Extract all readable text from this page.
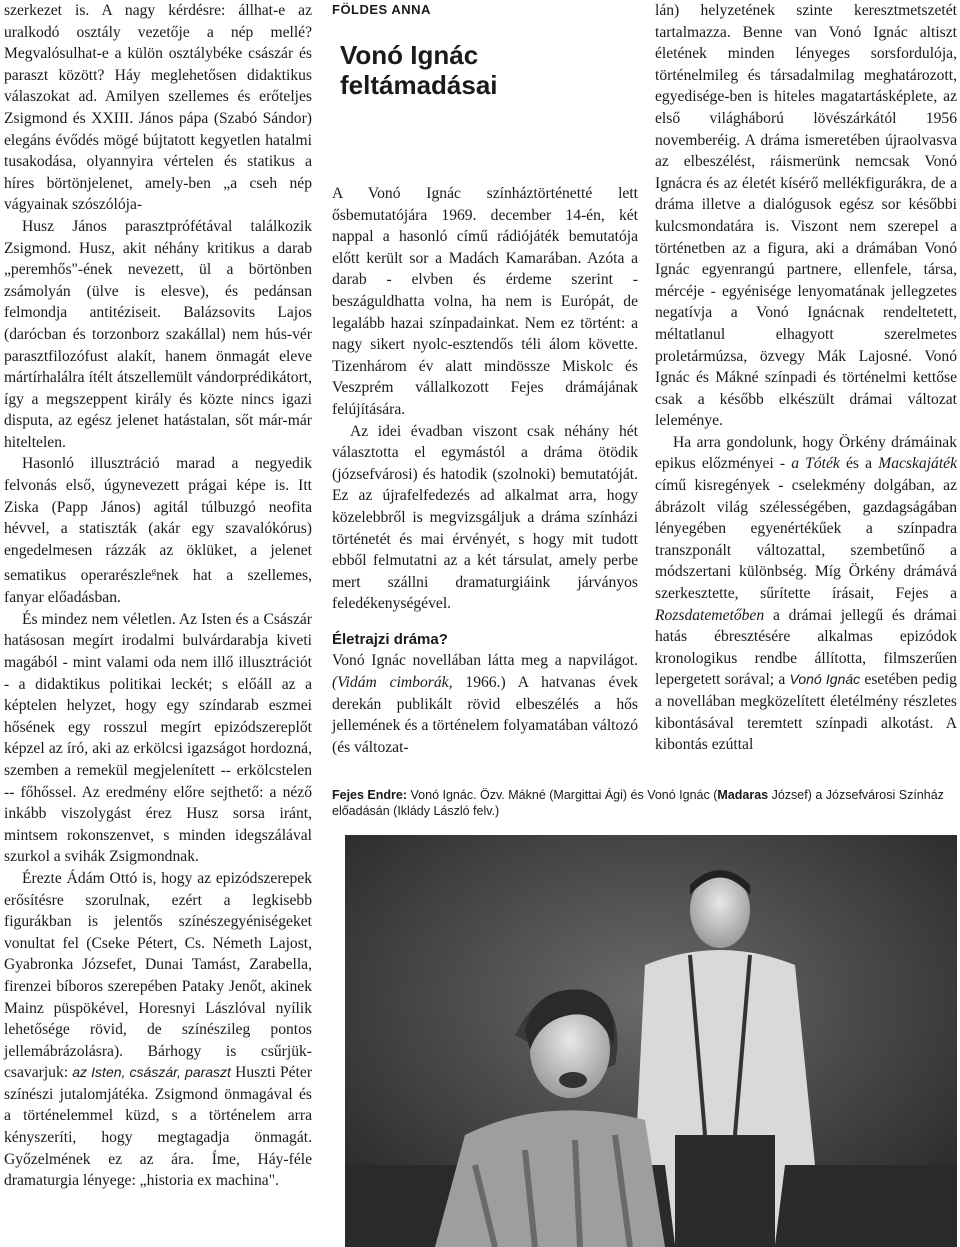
szerkezet is. A nagy kérdésre: állhat-e az uralkodó osztály vezetője a nép mellé? Megvalósulhat-e a külön osztálybéke császár és paraszt között? Háy meglehetősen didaktikus válaszokat ad. Amilyen szellemes és erőteljes Zsigmond és XXIII. János pápa (Szabó Sándor) elegáns évődés mögé bújtatott kegyetlen hatalmi tusakodása, olyannyira vértelen és statikus a híres börtönjelenet, amely-ben „a cseh nép vágyainak szószólója-

Husz János parasztprófétával találkozik Zsigmond. Husz, akit néhány kritikus a darab „peremhős"-ének nevezett, ül a börtönben zsámolyán (ülve is elesve), és pedánsan felmondja antitéziseit. Balázsovits Lajos (darócban és torzonborz szakállal) nem hús-vér parasztfilozófust alakít, hanem önmagát eleve mártírhalálra ítélt átszellemült vándorprédikátort, így a megszeppent király és közte nincs igazi disputa, az egész jelenet hatástalan, sőt már-már hiteltelen.

Hasonló illusztráció marad a negyedik felvonás első, úgynevezett prágai képe is. Itt Ziska (Papp János) agitál túlbuzgó neofita hévvel, a statiszták (akár egy szavalókórus) engedelmesen rázzák az öklüket, a jelenet sematikus operarészle$^g$nek hat a szellemes, fanyar előadásban.

És mindez nem véletlen. Az Isten és a Császár hatásosan megírt irodalmi bulvárdarabja kiveti magából - mint valami oda nem illő illusztrációt - a didaktikus politikai leckét; s előáll az a képtelen helyzet, hogy egy színdarab eszmei hősének egy rosszul megírt epizódszereplőt képzel az író, aki az erkölcsi igazságot hordozná, szemben a remekül megjelenített -- erkölcstelen -- főhőssel. Az eredmény előre sejthető: a néző inkább viszolygást érez Husz sorsa iránt, mintsem rokonszenvet, s minden idegszálával szurkol a svihák Zsigmondnak.

Érezte Ádám Ottó is, hogy az epizódszerepek erősítésre szorulnak, ezért a legkisebb figurákban is jelentős színészegyéniségeket vonultat fel (Cseke Pétert, Cs. Németh Lajost, Gyabronka Józsefet, Dunai Tamást, Zarabella, firenzei bíboros szerepében Pataky Jenőt, akinek Mainz püspökével, Horesnyi Lászlóval nyílik lehetősége rövid, de színészileg pontos jellemábrázolásra). Bárhogy is csűrjük-csavarjuk: az Isten, császár, paraszt Huszti Péter színészi jutalomjátéka. Zsigmond önmagával és a történelemmel küzd, s a történelem arra kényszeríti, hogy megtagadja önmagát. Győzelmének ez az ára. Íme, Háy-féle dramaturgia lényege: „historia ex machina".

FÖLDES ANNA
Vonó Ignác feltámadásai

A Vonó Ignác színháztörténetté lett ősbemutatójára 1969. december 14-én, két nappal a hasonló című rádiójáték bemutatója előtt került sor a Madách Kamarában. Azóta a darab - elvben és érdeme szerint - beszáguldhatta volna, ha nem is Európát, de legalább hazai színpadainkat. Nem ez történt: a nagy sikert nyolc-esztendős téli álom követte. Tizenhárom év alatt mindössze Miskolc és Veszprém vállalkozott Fejes drámájának felújítására.

Az idei évadban viszont csak néhány hét választotta el egymástól a dráma ötödik (józsefvárosi) és hatodik (szolnoki) bemutatóját. Ez az újrafelfedezés ad alkalmat arra, hogy közelebbről is megvizsgáljuk a dráma színházi történetét és mai érvényét, s hogy mit tudott ebből felmutatni az a két társulat, amely perbe mert szállni dramaturgiáink járványos feledékenységével.

Életrajzi dráma?

Vonó Ignác novellában látta meg a napvilágot. (Vidám cimborák, 1966.) A hatvanas évek derekán publikált rövid elbeszélés a hős jellemének és a történelem folyamatában változó (és változat-

lán) helyzetének szinte keresztmetszetét tartalmazza. Benne van Vonó Ignác altiszt életének minden lényeges sorsfordulója, történelmileg és társadalmilag meghatározott, egyedisége-ben is hiteles magatartásképlete, az első világháború lövészárkától 1956 novemberéig. A dráma ismeretében újraolvasva az elbeszélést, ráismerünk nemcsak Vonó Ignácra és az életét kísérő mellékfigurákra, de a dráma illetve a dialógusok egész sor későbbi kulcsmondatára is. Viszont nem szerepel a történetben az a figura, aki a drámában Vonó Ignác egyenrangú partnere, ellenfele, társa, mércéje - egyénisége lenyomatának jellegzetes negatívja a Vonó Ignácnak rendeltetett, méltatlanul elhagyott szerelmetes proletármúzsa, özvegy Mák Lajosné. Vonó Ignác és Mákné színpadi és történelmi kettőse csak a később elkészült drámai változat leleménye.

Ha arra gondolunk, hogy Örkény drámáinak epikus előzményei - a Tóték és a Macskajáték című kisregények - cselekmény dolgában, az ábrázolt világ szélességében, gazdagságában lényegében egyenértékűek a színpadra transzponált változattal, szembetűnő a módszertani különbség. Míg Örkény drámává szerkesztette, sűrítette írásait, Fejes a Rozsdatemetőben a drámai jellegű és drámai hatás ébresztésére alkalmas epizódok kronologikus rendbe állította, filmszerűen lepergetett sorával; a Vonó Ignác esetében pedig a novellában megközelített életélmény részletes kibontásával teremtett színpadi alkotást. A kibontás ezúttal

Fejes Endre: Vonó Ignác. Özv. Mákné (Margittai Ági) és Vonó Ignác (Madaras József) a Józsefvárosi Színház előadásán (Iklády László felv.)
